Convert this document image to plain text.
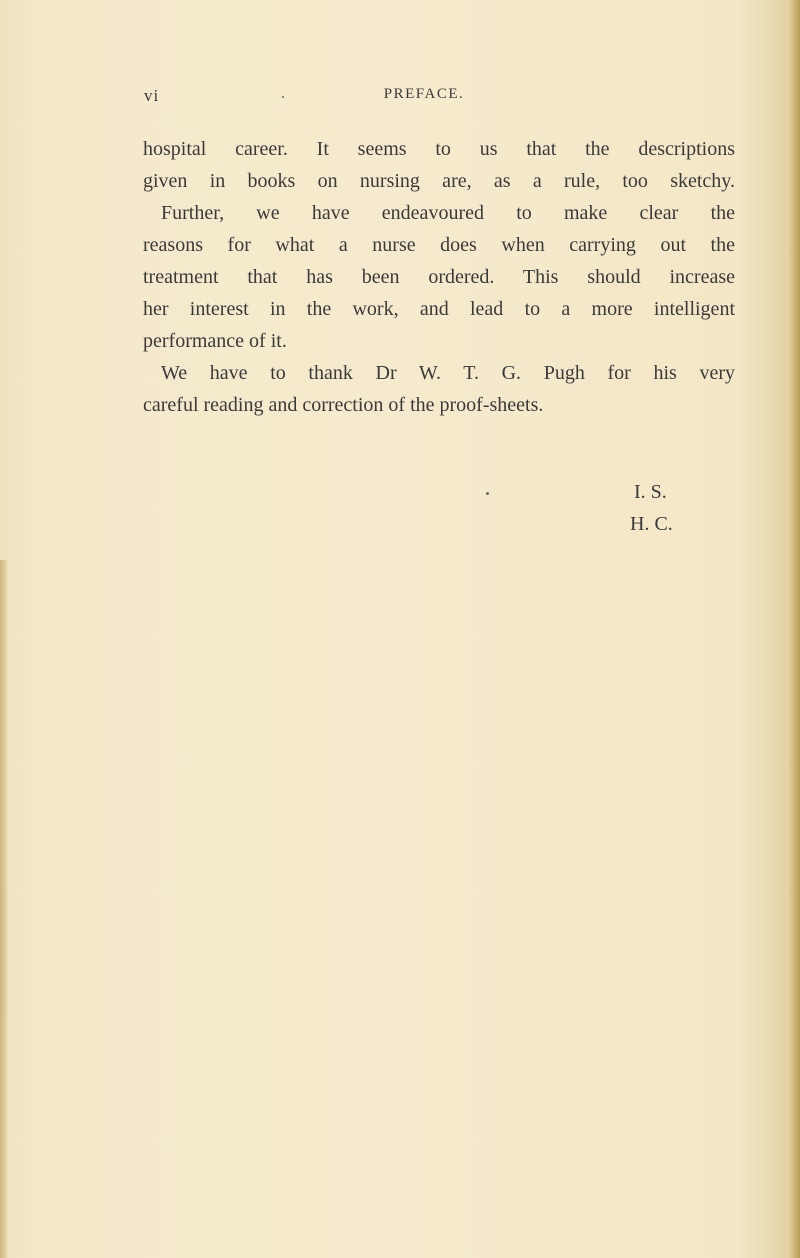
vi	PREFACE.
hospital career. It seems to us that the descriptions
given in books on nursing are, as a rule, too sketchy.
Further, we have endeavoured to make clear the
reasons for what a nurse does when carrying out the
treatment that has been ordered. This should increase
her interest in the work, and lead to a more intelligent
performance of it.
We have to thank Dr W. T. G. Pugh for his very
careful reading and correction of the proof-sheets.
I. S.
H. C.
